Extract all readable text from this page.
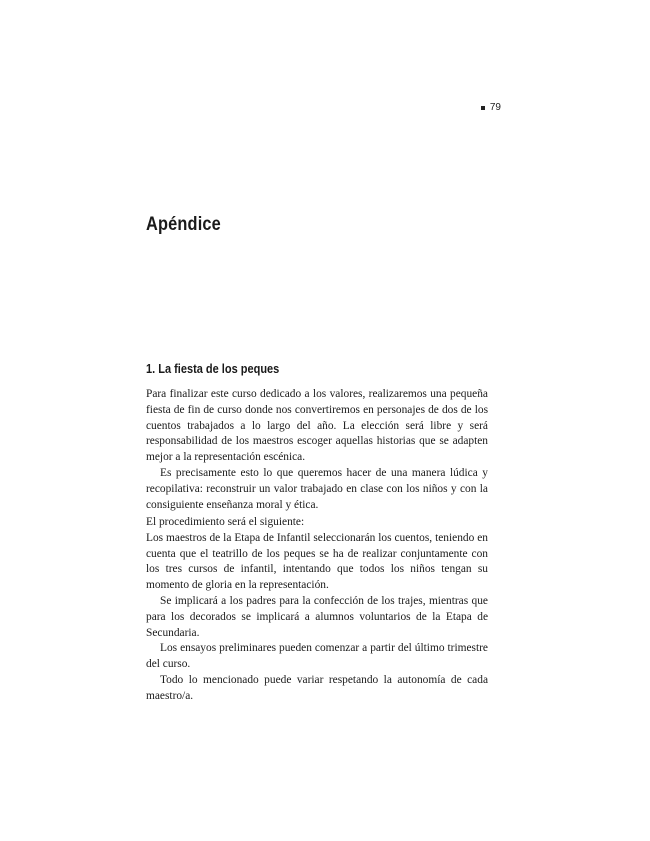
79
Apéndice
1. La fiesta de los peques

Para finalizar este curso dedicado a los valores, realizaremos una pequeña fiesta de fin de curso donde nos convertiremos en personajes de dos de los cuentos trabajados a lo largo del año. La elección será libre y será responsabilidad de los maestros escoger aquellas historias que se adapten mejor a la representación escénica.

Es precisamente esto lo que queremos hacer de una manera lúdica y recopilativa: reconstruir un valor trabajado en clase con los niños y con la consiguiente enseñanza moral y ética.

El procedimiento será el siguiente:

Los maestros de la Etapa de Infantil seleccionarán los cuentos, teniendo en cuenta que el teatrillo de los peques se ha de realizar conjuntamente con los tres cursos de infantil, intentando que todos los niños tengan su momento de gloria en la representación.

Se implicará a los padres para la confección de los trajes, mientras que para los decorados se implicará a alumnos voluntarios de la Etapa de Secundaria.

Los ensayos preliminares pueden comenzar a partir del último trimestre del curso.

Todo lo mencionado puede variar respetando la autonomía de cada maestro/a.
